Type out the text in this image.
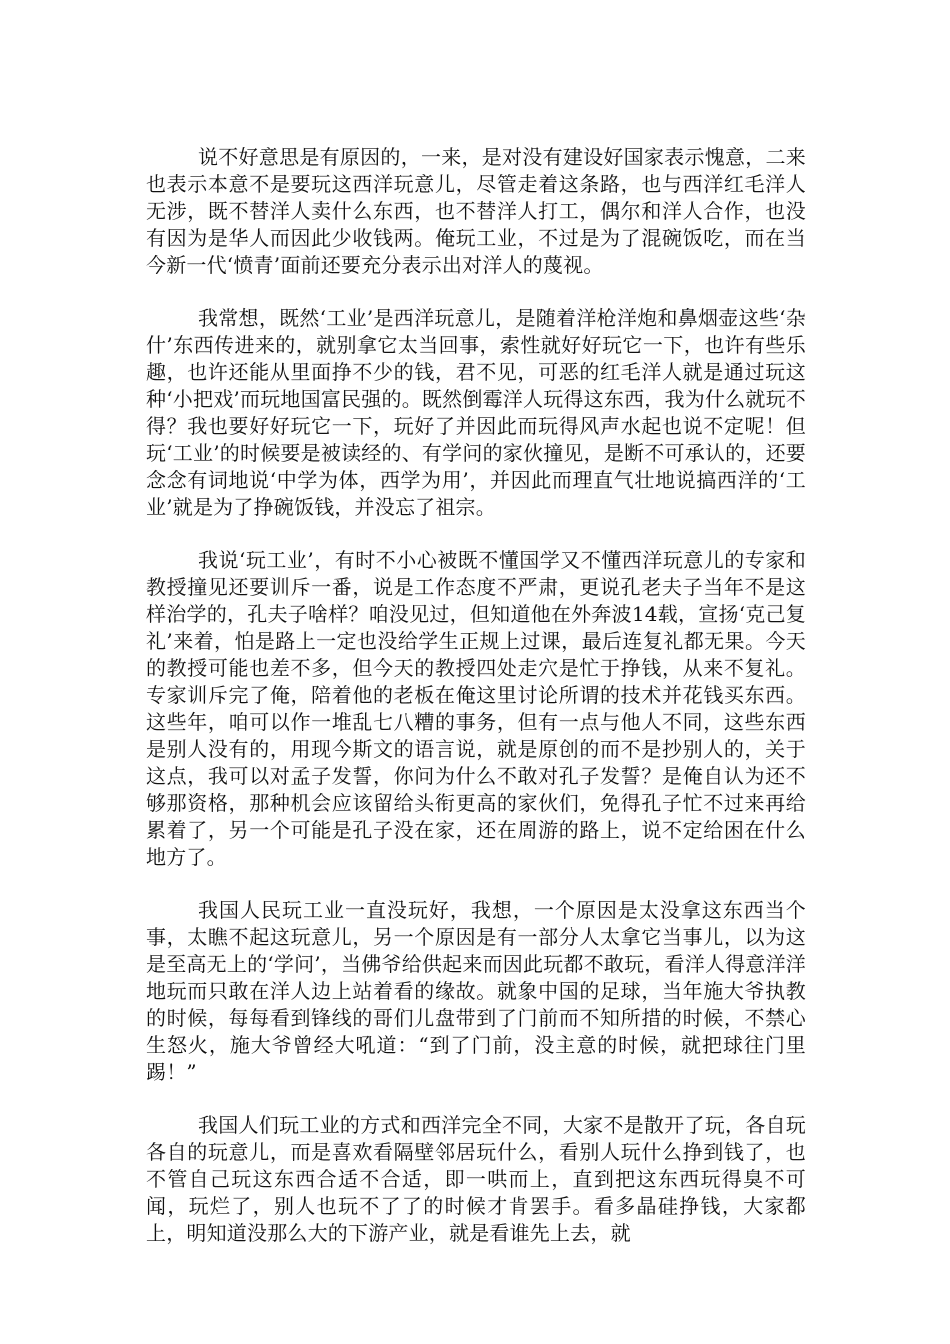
说不好意思是有原因的，一来，是对没有建设好国家表示愧意，二来也表示本意不是要玩这西洋玩意儿，尽管走着这条路，也与西洋红毛洋人无涉，既不替洋人卖什么东西，也不替洋人打工，偶尔和洋人合作，也没有因为是华人而因此少收钱两。俺玩工业，不过是为了混碗饭吃，而在当今新一代‘愤青’面前还要充分表示出对洋人的蔑视。

我常想，既然‘工业’是西洋玩意儿，是随着洋枪洋炮和鼻烟壶这些‘杂什’东西传进来的，就别拿它太当回事，索性就好好玩它一下，也许有些乐趣，也许还能从里面挣不少的钱，君不见，可恶的红毛洋人就是通过玩这种‘小把戏’而玩地国富民强的。既然倒霉洋人玩得这东西，我为什么就玩不得？我也要好好玩它一下，玩好了并因此而玩得风声水起也说不定呢！但玩‘工业’的时候要是被读经的、有学问的家伙撞见，是断不可承认的，还要念念有词地说‘中学为体，西学为用’，并因此而理直气壮地说搞西洋的‘工业’就是为了挣碗饭钱，并没忘了祖宗。

我说‘玩工业’，有时不小心被既不懂国学又不懂西洋玩意儿的专家和教授撞见还要训斥一番，说是工作态度不严肃，更说孔老夫子当年不是这样治学的，孔夫子啥样？咱没见过，但知道他在外奔波14载，宣扬‘克己复礼’来着，怕是路上一定也没给学生正规上过课，最后连复礼都无果。今天的教授可能也差不多，但今天的教授四处走穴是忙于挣钱，从来不复礼。专家训斥完了俺，陪着他的老板在俺这里讨论所谓的技术并花钱买东西。这些年，咱可以作一堆乱七八糟的事务，但有一点与他人不同，这些东西是别人没有的，用现今斯文的语言说，就是原创的而不是抄别人的，关于这点，我可以对孟子发誓，你问为什么不敢对孔子发誓？是俺自认为还不够那资格，那种机会应该留给头衔更高的家伙们，免得孔子忙不过来再给累着了，另一个可能是孔子没在家，还在周游的路上，说不定给困在什么地方了。

我国人民玩工业一直没玩好，我想，一个原因是太没拿这东西当个事，太瞧不起这玩意儿，另一个原因是有一部分人太拿它当事儿，以为这是至高无上的‘学问’，当佛爷给供起来而因此玩都不敢玩，看洋人得意洋洋地玩而只敢在洋人边上站着看的缘故。就象中国的足球，当年施大爷执教的时候，每每看到锋线的哥们儿盘带到了门前而不知所措的时候，不禁心生怒火，施大爷曾经大吼道：“到了门前，没主意的时候，就把球往门里踢！”

我国人们玩工业的方式和西洋完全不同，大家不是散开了玩，各自玩各自的玩意儿，而是喜欢看隔壁邻居玩什么，看别人玩什么挣到钱了，也不管自己玩这东西合适不合适，即一哄而上，直到把这东西玩得臭不可闻，玩烂了，别人也玩不了了的时候才肯罢手。看多晶硅挣钱，大家都上，明知道没那么大的下游产业，就是看谁先上去，就
